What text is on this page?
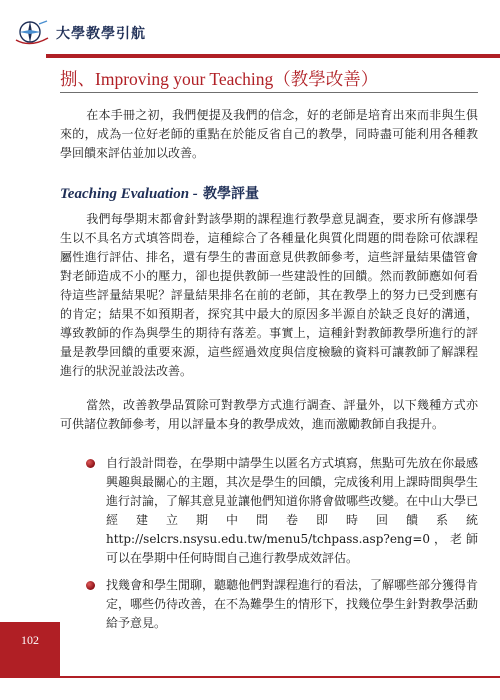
大學教學引航
捌、Improving your Teaching（教學改善）

在本手冊之初，我們便提及我們的信念，好的老師是培育出來而非與生俱來的，成為一位好老師的重點在於能反省自己的教學，同時盡可能利用各種教學回饋來評估並加以改善。

Teaching Evaluation - 教學評量

我們每學期末都會針對該學期的課程進行教學意見調查，要求所有修課學生以不具名方式填答問卷，這種綜合了各種量化與質化問題的問卷除可依課程屬性進行評估、排名，還有學生的書面意見供教師參考，這些評量結果儘管會對老師造成不小的壓力，卻也提供教師一些建設性的回饋。然而教師應如何看待這些評量結果呢？評量結果排名在前的老師，其在教學上的努力已受到應有的肯定；結果不如預期者，探究其中最大的原因多半源自於缺乏良好的溝通，導致教師的作為與學生的期待有落差。事實上，這種針對教師教學所進行的評量是教學回饋的重要來源，這些經過效度與信度檢驗的資料可讓教師了解課程進行的狀況並設法改善。

當然，改善教學品質除可對教學方式進行調查、評量外，以下幾種方式亦可供諸位教師參考，用以評量本身的教學成效，進而激勵教師自我提升。

自行設計問卷，在學期中請學生以匿名方式填寫，焦點可先放在你最感興趣與最關心的主題，其次是學生的回饋，完成後利用上課時間與學生進行討論，了解其意見並讓他們知道你將會做哪些改變。在中山大學已經建立期中問卷即時回饋系統 http://selcrs.nsysu.edu.tw/menu5/tchpass.asp?eng=0，老師可以在學期中任何時間自己進行教學成效評估。
找幾會和學生閒聊，聽聽他們對課程進行的看法，了解哪些部分獲得肯定，哪些仍待改善，在不為難學生的情形下，找幾位學生針對教學活動給予意見。
102
